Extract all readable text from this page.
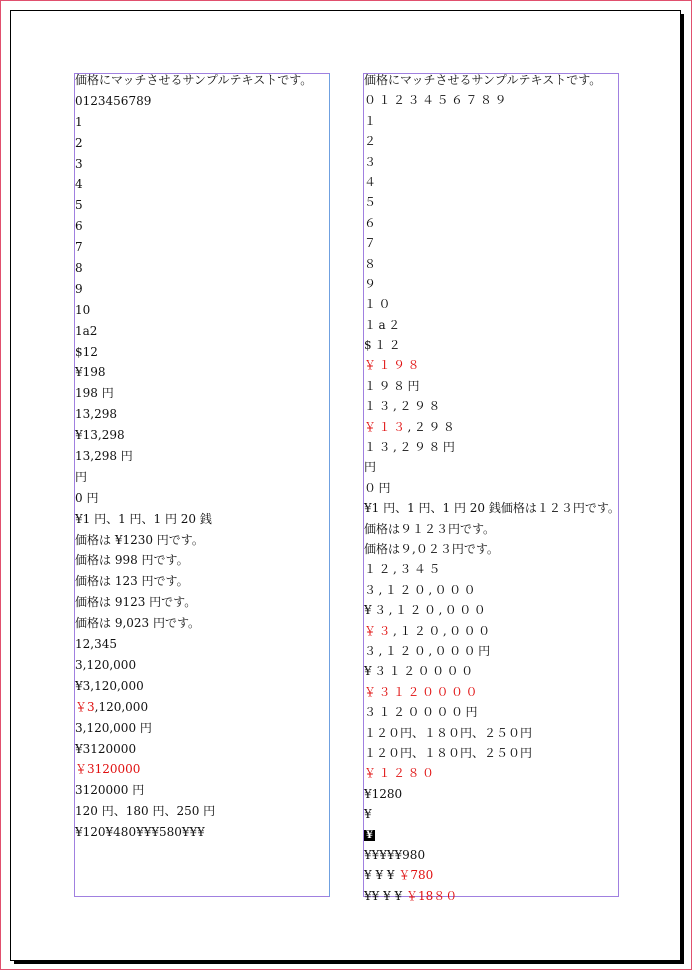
価格にマッチさせるサンプルテキストです。
0123456789
1
2
3
4
5
6
7
8
9
10
1a2
$12
¥198
198 円
13,298
¥13,298
13,298 円
円
0 円
¥1 円、1 円、1 円 20 銭
価格は ¥1230 円です。
価格は 998 円です。
価格は 123 円です。
価格は 9123 円です。
価格は 9,023 円です。
12,345
3,120,000
¥3,120,000
￥3,120,000
3,120,000 円
¥3120000
￥3120000
3120000 円
120 円、180 円、250 円
¥120¥480¥¥¥580¥¥¥
価格にマッチさせるサンプルテキストです。
０１２３４５６７８９
１
２
３
４
５
６
７
８
９
１０
１a２
$１２
￥１９８
１９８円
１３,２９８
￥１３,２９８
１３,２９８円
円
０円
¥1 円、1 円、1 円 20 銭価格は１２３円です。
価格は９１２３円です。
価格は９,０２３円です。
１２,３４５
３,１２０,０００
¥３,１２０,０００
￥３,１２０,０００
３,１２０,０００円
¥３１２００００
￥３１２００００
３１２００００円
１２０円、１８０円、２５０円
１２０円、１８０円、２５０円
￥１２８０
¥1280
¥
¥
¥¥¥¥¥980
¥ ¥ ¥ ￥780
¥¥ ¥ ¥ ￥18８０
